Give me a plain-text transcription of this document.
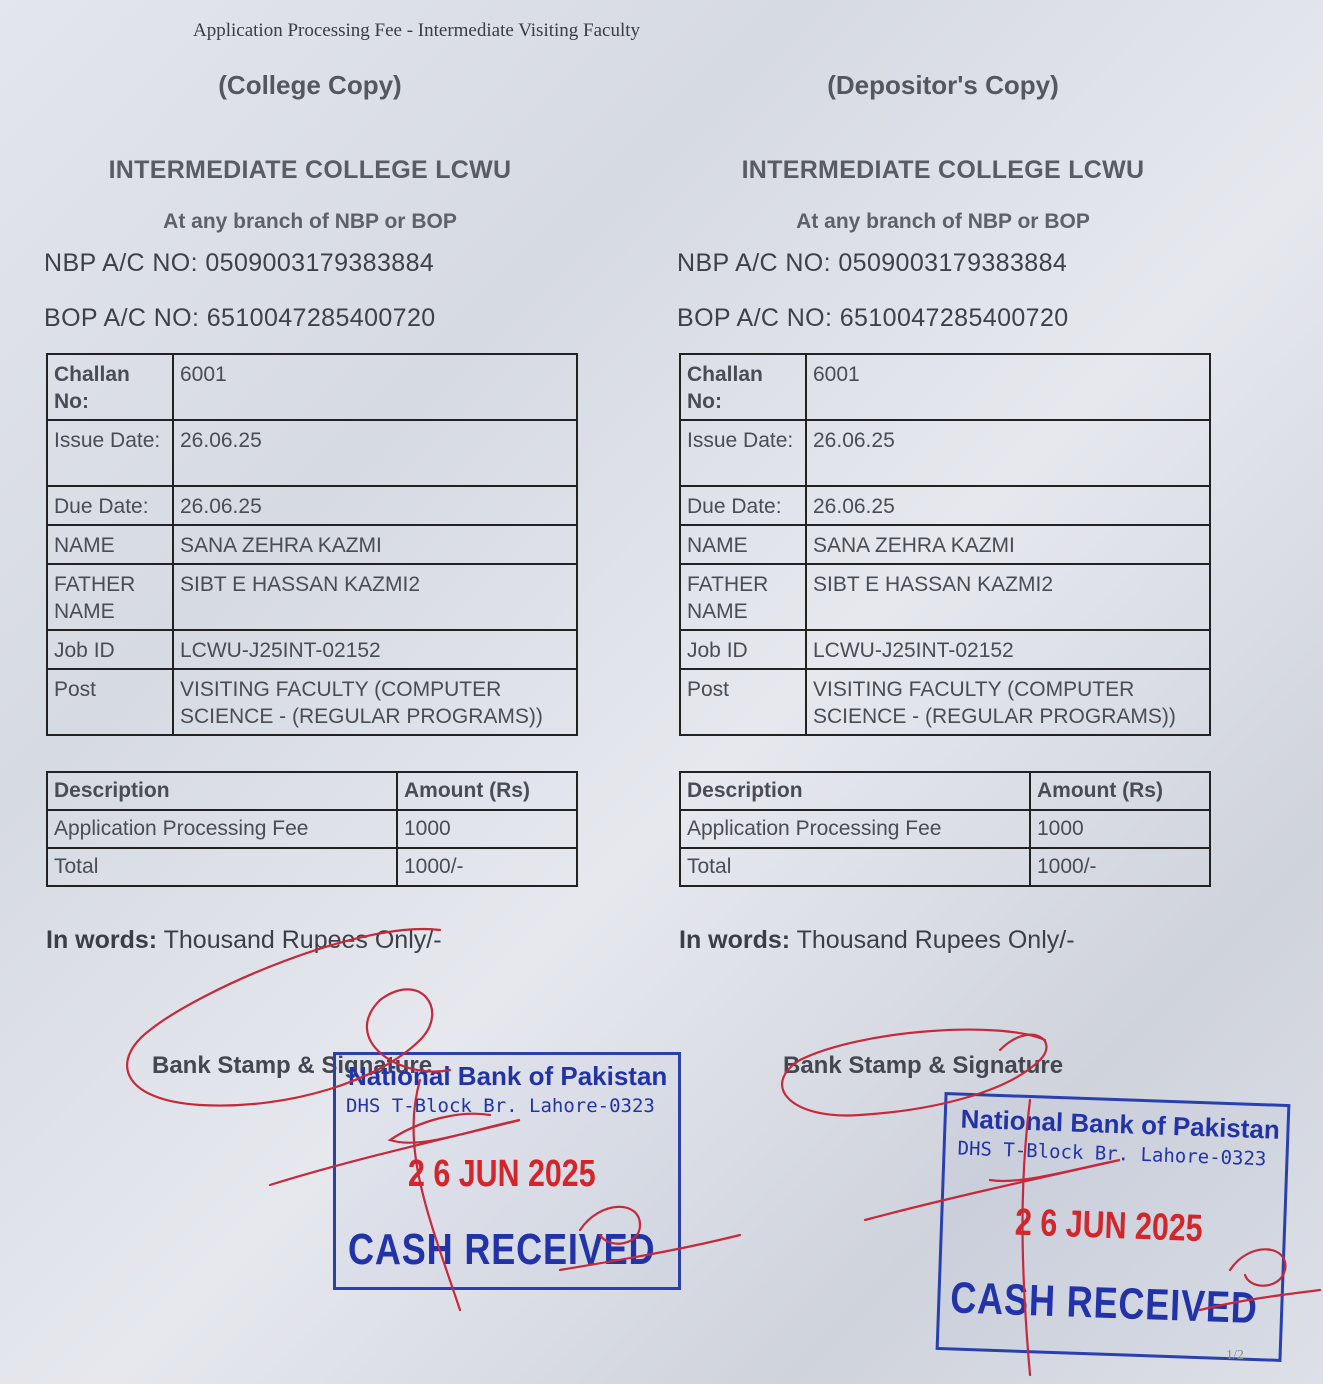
Application Processing Fee - Intermediate Visiting Faculty
(College Copy)
INTERMEDIATE COLLEGE LCWU
At any branch of NBP or BOP
NBP A/C NO: 0509003179383884
BOP A/C NO: 6510047285400720
Challan No:	6001
Issue Date:	26.06.25
Due Date:	26.06.25
NAME	SANA ZEHRA KAZMI
FATHER NAME	SIBT E HASSAN KAZMI2
Job ID	LCWU-J25INT-02152
Post	VISITING FACULTY (COMPUTER SCIENCE - (REGULAR PROGRAMS))
Description	Amount (Rs)
Application Processing Fee	1000
Total	1000/-
In words: Thousand Rupees Only/-
Bank Stamp & Signature
(Depositor's Copy)
INTERMEDIATE COLLEGE LCWU
At any branch of NBP or BOP
NBP A/C NO: 0509003179383884
BOP A/C NO: 6510047285400720
Challan No:	6001
Issue Date:	26.06.25
Due Date:	26.06.25
NAME	SANA ZEHRA KAZMI
FATHER NAME	SIBT E HASSAN KAZMI2
Job ID	LCWU-J25INT-02152
Post	VISITING FACULTY (COMPUTER SCIENCE - (REGULAR PROGRAMS))
Description	Amount (Rs)
Application Processing Fee	1000
Total	1000/-
In words: Thousand Rupees Only/-
Bank Stamp & Signature
National Bank of Pakistan
DHS T-Block Br. Lahore-0323
2 6 JUN 2025
CASH RECEIVED
National Bank of Pakistan
DHS T-Block Br. Lahore-0323
2 6 JUN 2025
CASH RECEIVED
1/2
